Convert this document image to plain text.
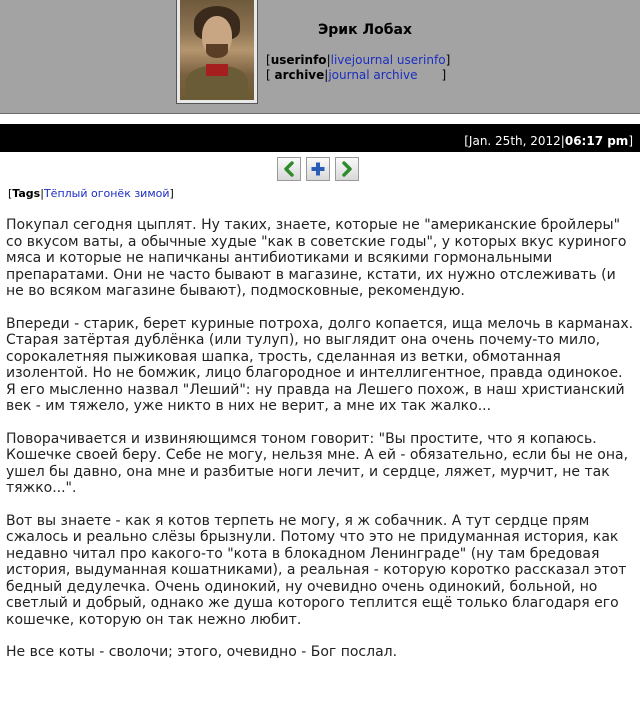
Эрик Лобах
[userinfo|livejournal userinfo]
[ archive|journal archive ]
[Jan. 25th, 2012|06:17 pm]
[Tags|Тёплый огонёк зимой]

Покупал сегодня цыплят. Ну таких, знаете, которые не "американские бройлеры" со вкусом ваты, а обычные худые "как в советские годы", у которых вкус куриного мяса и которые не напичканы антибиотиками и всякими гормональными препаратами. Они не часто бывают в магазине, кстати, их нужно отслеживать (и не во всяком магазине бывают), подмосковные, рекомендую.

Впереди - старик, берет куриные потроха, долго копается, ища мелочь в карманах. Старая затёртая дублёнка (или тулуп), но выглядит она очень почему-то мило, сорокалетняя пыжиковая шапка, трость, сделанная из ветки, обмотанная изолентой. Но не бомжик, лицо благородное и интеллигентное, правда одинокое. Я его мысленно назвал "Леший": ну правда на Лешего похож, в наш христианский век - им тяжело, уже никто в них не верит, а мне их так жалко...

Поворачивается и извиняющимся тоном говорит: "Вы простите, что я копаюсь. Кошечке своей беру. Себе не могу, нельзя мне. А ей - обязательно, если бы не она, ушел бы давно, она мне и разбитые ноги лечит, и сердце, ляжет, мурчит, не так тяжко...".

Вот вы знаете - как я котов терпеть не могу, я ж собачник. А тут сердце прям сжалось и реально слёзы брызнули. Потому что это не придуманная история, как недавно читал про какого-то "кота в блокадном Ленинграде" (ну там бредовая история, выдуманная кошатниками), а реальная - которую коротко рассказал этот бедный дедулечка. Очень одинокий, ну очевидно очень одинокий, больной, но светлый и добрый, однако же душа которого теплится ещё только благодаря его кошечке, которую он так нежно любит.

Не все коты - сволочи; этого, очевидно - Бог послал.
